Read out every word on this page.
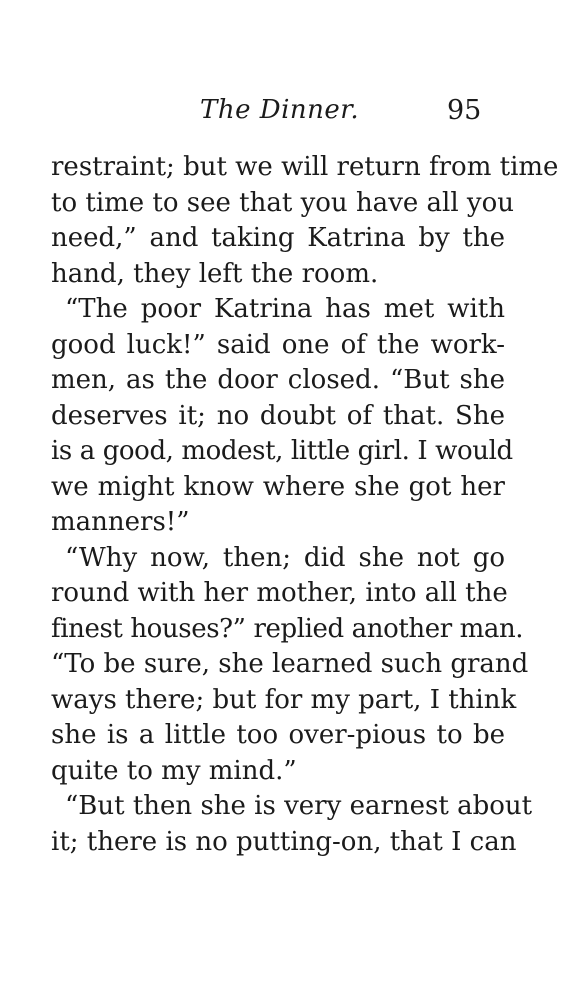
The Dinner.	95
restraint; but we will return from time
to time to see that you have all you
need,” and taking Katrina by the
hand, they left the room.
“The poor Katrina has met with
good luck!” said one of the work-
men, as the door closed. “But she
deserves it; no doubt of that. She
is a good, modest, little girl. I would
we might know where she got her
manners!”
“Why now, then; did she not go
round with her mother, into all the
finest houses?” replied another man.
“To be sure, she learned such grand
ways there; but for my part, I think
she is a little too over-pious to be
quite to my mind.”
“But then she is very earnest about
it; there is no putting-on, that I can
